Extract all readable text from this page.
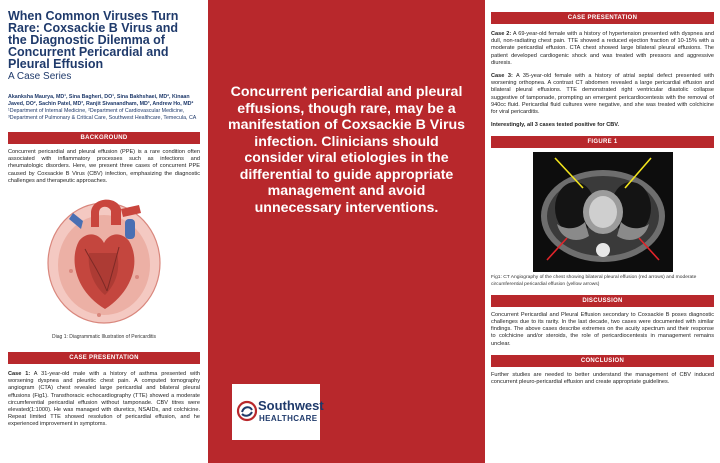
When Common Viruses Turn Rare: Coxsackie B Virus and the Diagnostic Dilemma of Concurrent Pericardial and Pleural Effusion
A Case Series
Akanksha Maurya, MD¹, Sina Bagheri, DO¹, Sina Bakhshaei, MD², Kinaan Javed, DO², Sachin Patel, MD³, Ranjit Sivanandham, MD³, Andrew Ho, MD²
¹Department of Internal Medicine, ²Department of Cardiovascular Medicine, ³Department of Pulmonary & Critical Care, Southwest Healthcare, Temecula, CA
BACKGROUND
Concurrent pericardial and pleural effusion (PPE) is a rare condition often associated with inflammatory processes such as infections and rheumatologic disorders. Here, we present three cases of concurrent PPE caused by Coxsackie B Virus (CBV) infection, emphasizing the diagnostic challenges and therapeutic approaches.
Diag 1: Diagrammatic Illustration of Pericarditis
CASE PRESENTATION
Case 1: A 31-year-old male with a history of asthma presented with worsening dyspnea and pleuritic chest pain. A computed tomography angiogram (CTA) chest revealed large pericardial and bilateral pleural effusions (Fig1). Transthoracic echocardiography (TTE) showed a moderate circumferential pericardial effusion without tamponade. CBV titres were elevated(1:1000). He was managed with diuretics, NSAIDs, and colchicine. Repeat limited TTE showed resolution of pericardial effusion, and he experienced improvement in symptoms.
Concurrent pericardial and pleural effusions, though rare, may be a manifestation of Coxsackie B Virus infection. Clinicians should consider viral etiologies in the differential to guide appropriate management and avoid unnecessary interventions.
Southwest
HEALTHCARE
CASE PRESENTATION
Case 2: A 69-year-old female with a history of hypertension presented with dyspnea and dull, non-radiating chest pain. TTE showed a reduced ejection fraction of 10-15% with a moderate pericardial effusion. CTA chest showed large bilateral pleural effusions. The patient developed cardiogenic shock and was treated with pressors and aggressive diuresis.
Case 3: A 35-year-old female with a history of atrial septal defect presented with worsening orthopnea. A contrast CT abdomen revealed a large pericardial effusion and bilateral pleural effusions. TTE demonstrated right ventricular diastolic collapse suggestive of tamponade, prompting an emergent pericardiocentesis with the removal of 940cc fluid. Pericardial fluid cultures were negative, and she was treated with colchicine for viral pericarditis.
Interestingly, all 3 cases tested positive for CBV.
FIGURE 1
Fig1: CT Angiography of the chest showing bilateral pleural effusion (red arrows) and moderate circumferential pericardial effusion (yellow arrows)
DISCUSSION
Concurrent Pericardial and Pleural Effusion secondary to Coxsackie B poses diagnostic challenges due to its rarity. In the last decade, two cases were documented with similar findings. The above cases describe extremes on the acuity spectrum and their response to colchicine and/or steroids, the role of pericardiocentesis in management remains unclear.
CONCLUSION
Further studies are needed to better understand the management of CBV induced concurrent pleuro-pericardial effusion and create appropriate guidelines.
